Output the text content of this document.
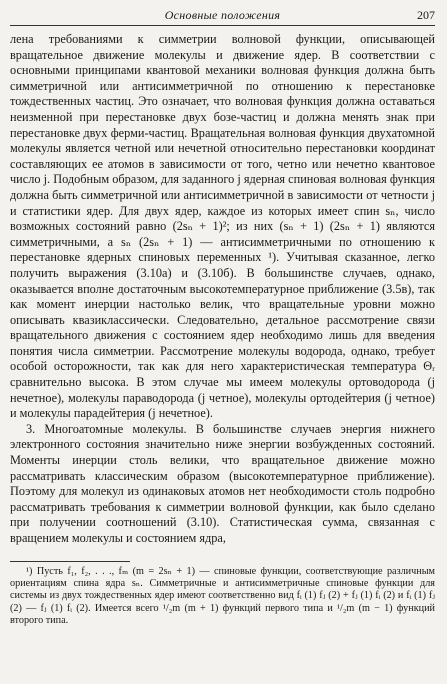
Основные положения	207

лена требованиями к симметрии волновой функции, описывающей вращательное движение молекулы и движение ядер. В соответствии с основными принципами квантовой механики волновая функция должна быть симметричной или антисимметричной по отношению к перестановке тождественных частиц. Это означает, что волновая функция должна оставаться неизменной при перестановке двух бозе-частиц и должна менять знак при перестановке двух ферми-частиц. Вращательная волновая функция двухатомной молекулы является четной или нечетной относительно перестановки координат составляющих ее атомов в зависимости от того, четно или нечетно квантовое число j. Подобным образом, для заданного j ядерная спиновая волновая функция должна быть симметричной или антисимметричной в зависимости от четности j и статистики ядер. Для двух ядер, каждое из которых имеет спин sₙ, число возможных состояний равно (2sₙ + 1)²; из них (sₙ + 1) (2sₙ + 1) являются симметричными, а sₙ (2sₙ + 1) — антисимметричными по отношению к перестановке ядерных спиновых переменных ¹). Учитывая сказанное, легко получить выражения (3.10а) и (3.10б). В большинстве случаев, однако, оказывается вполне достаточным высокотемпературное приближение (3.5в), так как момент инерции настолько велик, что вращательные уровни можно описывать квазиклассически. Следовательно, детальное рассмотрение связи вращательного движения с состоянием ядер необходимо лишь для введения понятия числа симметрии. Рассмотрение молекулы водорода, однако, требует особой осторожности, так как для него характеристическая температура Θᵣ сравнительно высока. В этом случае мы имеем молекулы ортоводорода (j нечетное), молекулы параводорода (j четное), молекулы ортодейтерия (j четное) и молекулы парадейтерия (j нечетное).

3. Многоатомные молекулы. В большинстве случаев энергия нижнего электронного состояния значительно ниже энергии возбужденных состояний. Моменты инерции столь велики, что вращательное движение можно рассматривать классическим образом (высокотемпературное приближение). Поэтому для молекул из одинаковых атомов нет необходимости столь подробно рассматривать требования к симметрии волновой функции, как было сделано при получении соотношений (3.10). Статистическая сумма, связанная с вращением молекулы и состоянием ядра,

¹) Пусть f₁, f₂, . . ., fₘ (m = 2sₙ + 1) — спиновые функции, соответствующие различным ориентациям спина ядра sₙ. Симметричные и антисимметричные спиновые функции для системы из двух тождественных ядер имеют соответственно вид fᵢ (1) fⱼ (2) + fⱼ (1) fᵢ (2) и fᵢ (1) fⱼ (2) — fⱼ (1) fᵢ (2). Имеется всего ¹/₂m (m + 1) функций первого типа и ¹/₂m (m − 1) функций второго типа.
